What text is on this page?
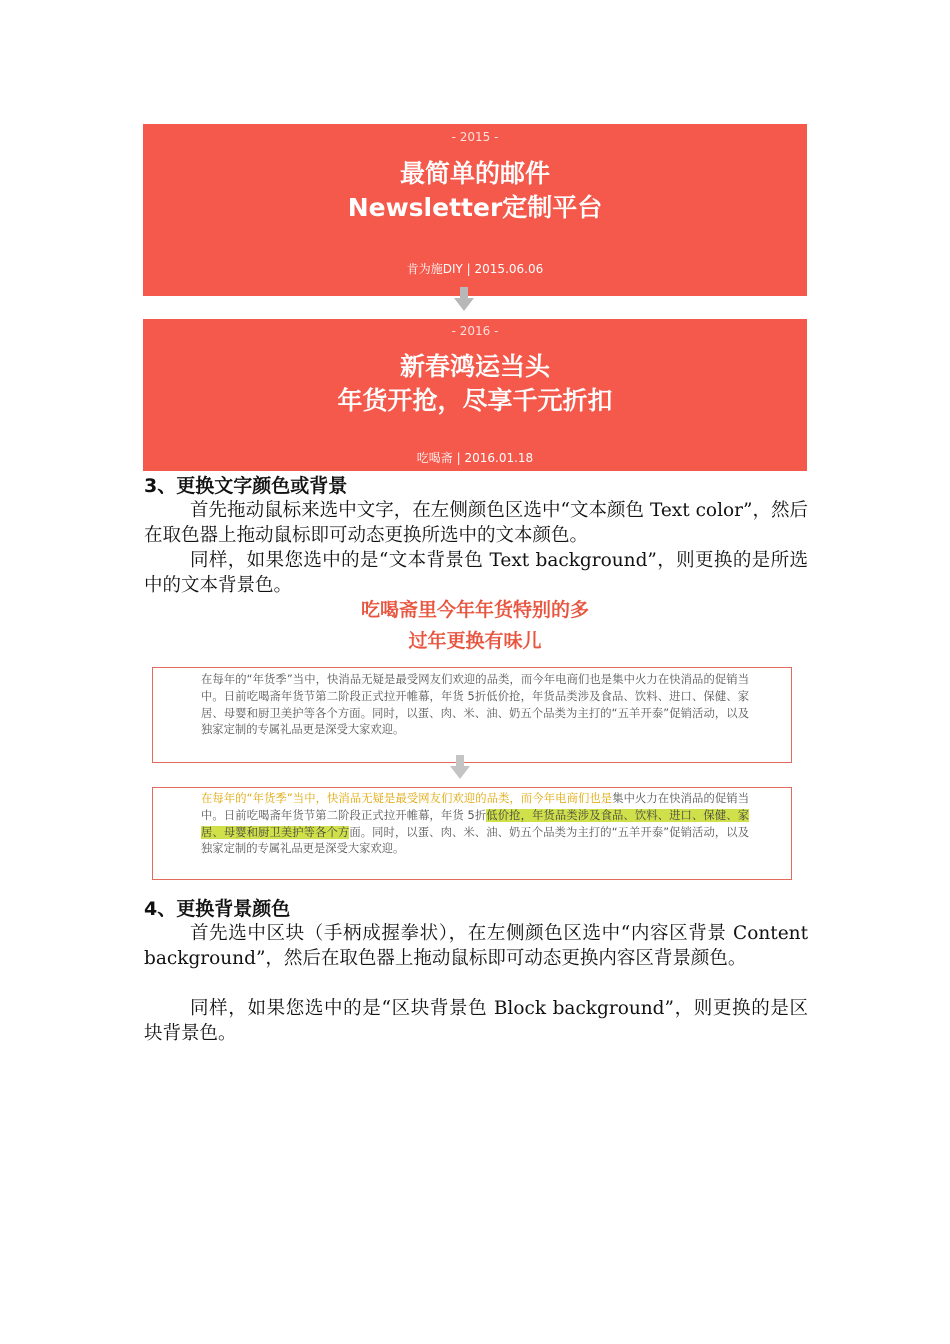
- 2015 -
最简单的邮件
Newsletter定制平台
肯为施DIY | 2015.06.06
- 2016 -
新春鸿运当头
年货开抢，尽享千元折扣
吃喝斋 | 2016.01.18
3、更换文字颜色或背景

首先拖动鼠标来选中文字，在左侧颜色区选中“文本颜色 Text color”，然后在取色器上拖动鼠标即可动态更换所选中的文本颜色。

同样，如果您选中的是“文本背景色 Text background”，则更换的是所选中的文本背景色。

吃喝斋里今年年货特别的多
过年更换有味儿

在每年的“年货季”当中，快消品无疑是最受网友们欢迎的品类，而今年电商们也是集中火力在快消品的促销当中。日前吃喝斋年货节第二阶段正式拉开帷幕，年货 5折低价抢，年货品类涉及食品、饮料、进口、保健、家居、母婴和厨卫美护等各个方面。同时，以蛋、肉、米、油、奶五个品类为主打的“五羊开泰”促销活动，以及独家定制的专属礼品更是深受大家欢迎。

在每年的“年货季”当中，快消品无疑是最受网友们欢迎的品类，而今年电商们也是集中火力在快消品的促销当中。日前吃喝斋年货节第二阶段正式拉开帷幕，年货 5折低价抢，年货品类涉及食品、饮料、进口、保健、家居、母婴和厨卫美护等各个方面。同时，以蛋、肉、米、油、奶五个品类为主打的“五羊开泰”促销活动，以及独家定制的专属礼品更是深受大家欢迎。

4、更换背景颜色

首先选中区块（手柄成握拳状），在左侧颜色区选中“内容区背景 Content background”，然后在取色器上拖动鼠标即可动态更换内容区背景颜色。

同样，如果您选中的是“区块背景色 Block background”，则更换的是区块背景色。
